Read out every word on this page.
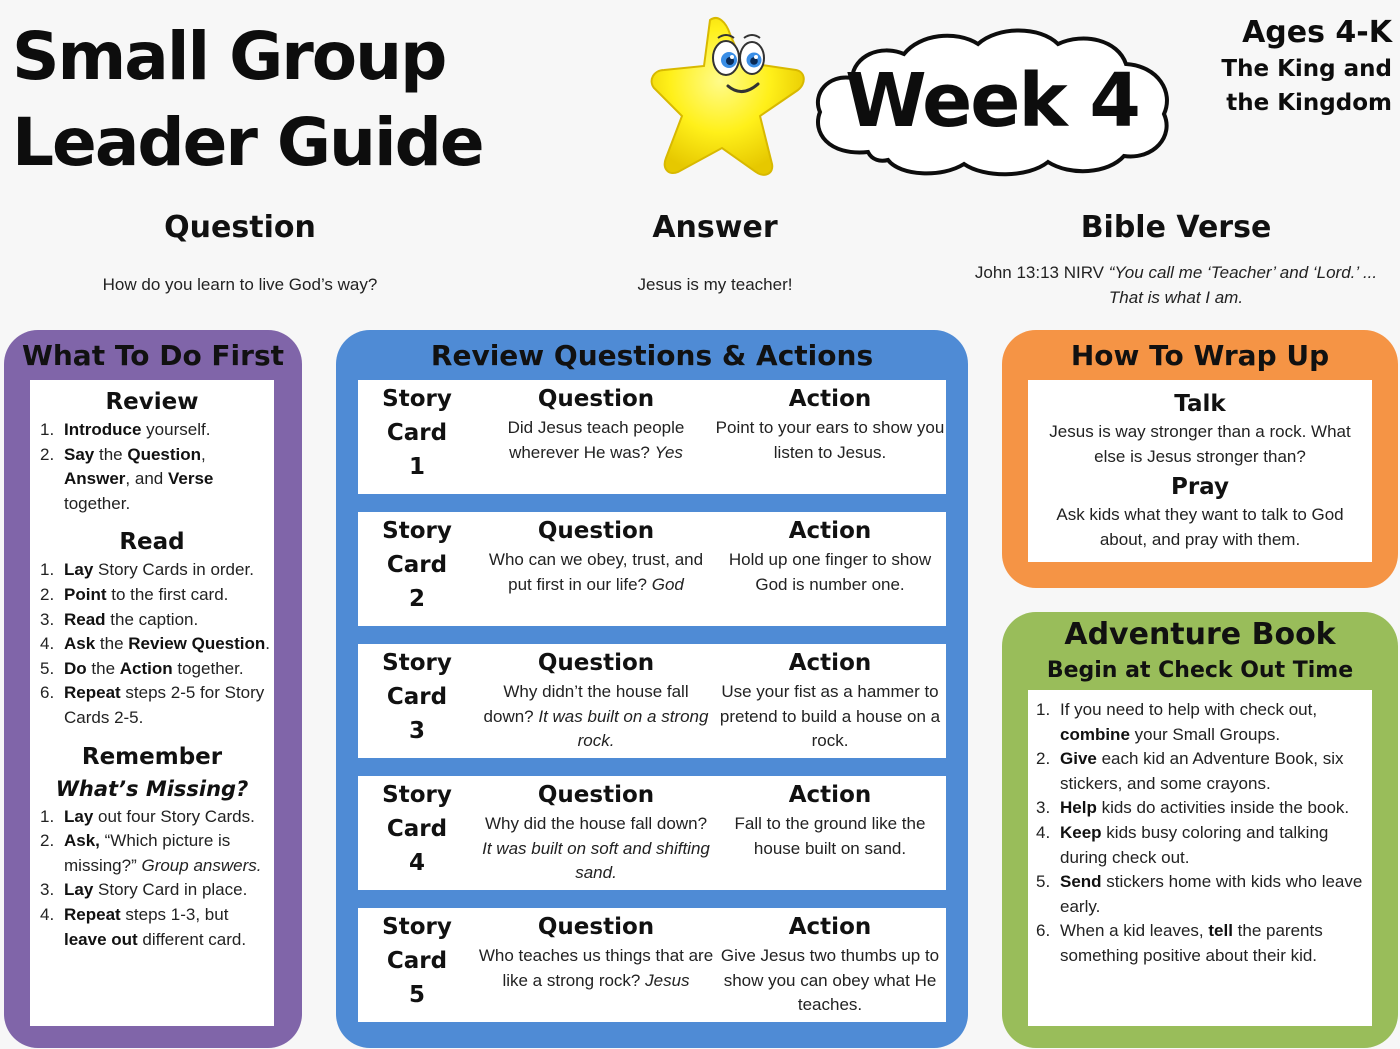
Small Group
Leader Guide	Week 4
Ages 4-K
The King and
the Kingdom
Question
How do you learn to live God’s way?
Answer
Jesus is my teacher!
Bible Verse
John 13:13 NIRV “You call me ‘Teacher’ and ‘Lord.’ ...
That is what I am.
What To Do First
Review
1. Introduce yourself.
2. Say the Question,
Answer, and Verse
together.
Read
1. Lay Story Cards in order.
2. Point to the first card.
3. Read the caption.
4. Ask the Review Question.
5. Do the Action together.
6. Repeat steps 2-5 for Story Cards 2-5.
Remember
What’s Missing?
1. Lay out four Story Cards.
2. Ask, “Which picture is missing?” Group answers.
3. Lay Story Card in place.
4. Repeat steps 1-3, but leave out different card.
Review Questions & Actions
Story
Card
1
Question
Did Jesus teach people wherever He was? Yes
Action
Point to your ears to show you listen to Jesus.
Story
Card
2
Question
Who can we obey, trust, and put first in our life? God
Action
Hold up one finger to show God is number one.
Story
Card
3
Question
Why didn’t the house fall down? It was built on a strong rock.
Action
Use your fist as a hammer to pretend to build a house on a rock.
Story
Card
4
Question
Why did the house fall down? It was built on soft and shifting sand.
Action
Fall to the ground like the house built on sand.
Story
Card
5
Question
Who teaches us things that are like a strong rock? Jesus
Action
Give Jesus two thumbs up to show you can obey what He teaches.
How To Wrap Up
Talk
Jesus is way stronger than a rock. What else is Jesus stronger than?
Pray
Ask kids what they want to talk to God about, and pray with them.
Adventure Book
Begin at Check Out Time
1. If you need to help with check out, combine your Small Groups.
2. Give each kid an Adventure Book, six stickers, and some crayons.
3. Help kids do activities inside the book.
4. Keep kids busy coloring and talking during check out.
5. Send stickers home with kids who leave early.
6. When a kid leaves, tell the parents something positive about their kid.
